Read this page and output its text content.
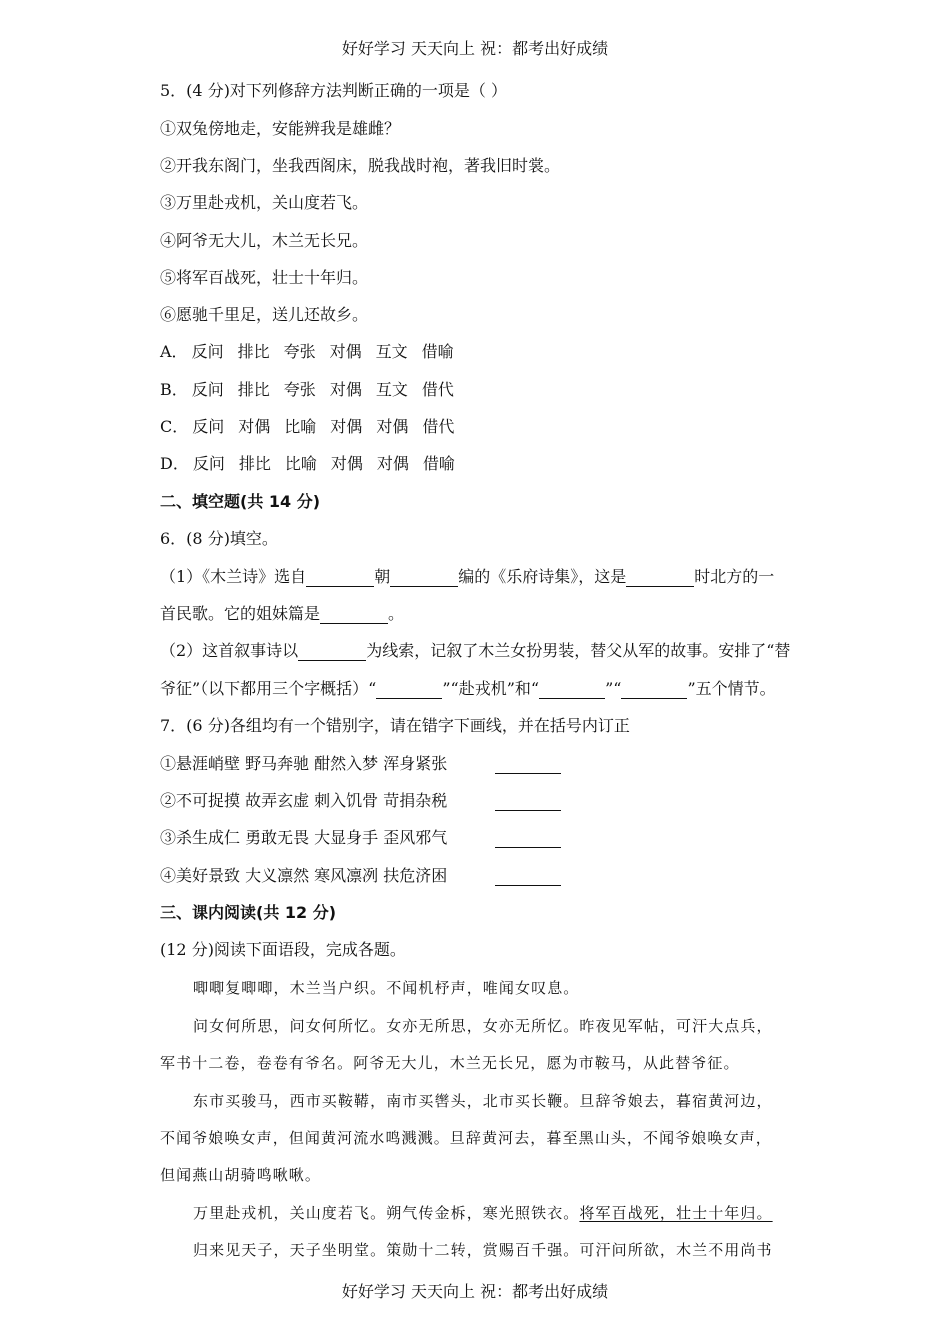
好好学习 天天向上 祝：都考出好成绩
5．(4 分)对下列修辞方法判断正确的一项是（ ）
①双兔傍地走，安能辨我是雄雌？
②开我东阁门，坐我西阁床，脱我战时袍，著我旧时裳。
③万里赴戎机，关山度若飞。
④阿爷无大儿，木兰无长兄。
⑤将军百战死，壮士十年归。
⑥愿驰千里足，送儿还故乡。
A． 反问 排比 夸张 对偶 互文 借喻
B． 反问 排比 夸张 对偶 互文 借代
C． 反问 对偶 比喻 对偶 对偶 借代
D． 反问 排比 比喻 对偶 对偶 借喻
二、填空题(共 14 分)
6．(8 分)填空。
（1）《木兰诗》选自	朝	编的《乐府诗集》，这是	时北方的一
首民歌。它的姐妹篇是	。
（2）这首叙事诗以	为线索，记叙了木兰女扮男装，替父从军的故事。安排了“替
爷征”（以下都用三个字概括）“	”“赴戎机”和“	”“	”五个情节。
7．(6 分)各组均有一个错别字，请在错字下画线，并在括号内订正
①悬涯峭壁 野马奔驰 酣然入梦 浑身紧张
②不可捉摸 故弄玄虚 刺入饥骨 苛捐杂税
③杀生成仁 勇敢无畏 大显身手 歪风邪气
④美好景致 大义凛然 寒风凛冽 扶危济困
三、课内阅读(共 12 分)
(12 分)阅读下面语段，完成各题。
唧唧复唧唧，木兰当户织。不闻机杼声，唯闻女叹息。
问女何所思，问女何所忆。女亦无所思，女亦无所忆。昨夜见军帖，可汗大点兵，
军书十二卷，卷卷有爷名。阿爷无大儿，木兰无长兄，愿为市鞍马，从此替爷征。
东市买骏马，西市买鞍鞯，南市买辔头，北市买长鞭。旦辞爷娘去，暮宿黄河边，
不闻爷娘唤女声，但闻黄河流水鸣溅溅。旦辞黄河去，暮至黑山头，不闻爷娘唤女声，
但闻燕山胡骑鸣啾啾。
万里赴戎机，关山度若飞。朔气传金柝，寒光照铁衣。将军百战死，壮士十年归。
归来见天子，天子坐明堂。策勋十二转，赏赐百千强。可汗问所欲，木兰不用尚书
好好学习 天天向上 祝：都考出好成绩
